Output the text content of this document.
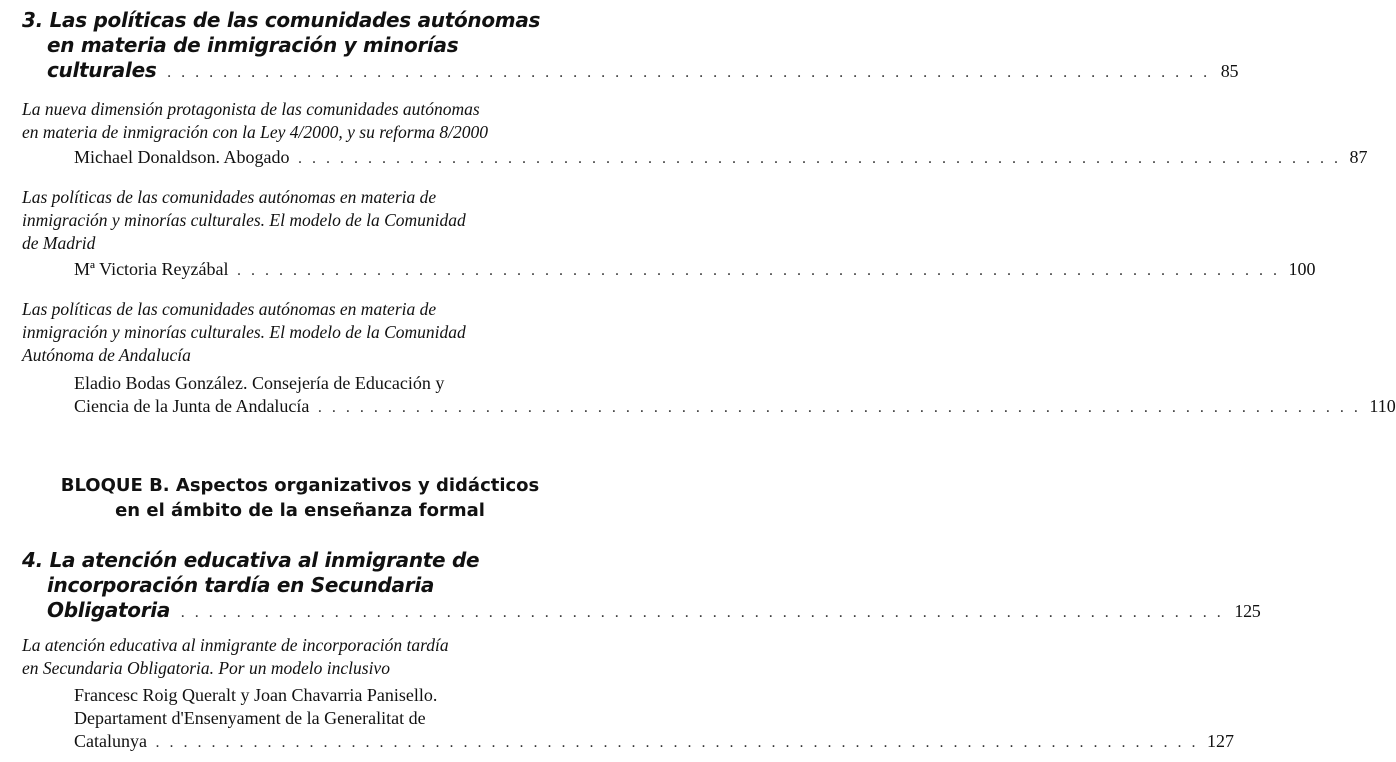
3. Las políticas de las comunidades autónomas
en materia de inmigración y minorías
culturales . . .	85
La nueva dimensión protagonista de las comunidades autónomas
en materia de inmigración con la Ley 4/2000, y su reforma 8/2000
Michael Donaldson. Abogado . . .	87
Las políticas de las comunidades autónomas en materia de
inmigración y minorías culturales. El modelo de la Comunidad
de Madrid
Mª Victoria Reyzábal . . .	100
Las políticas de las comunidades autónomas en materia de
inmigración y minorías culturales. El modelo de la Comunidad
Autónoma de Andalucía
Eladio Bodas González. Consejería de Educación y
Ciencia de la Junta de Andalucía . . .	110
BLOQUE B. Aspectos organizativos y didácticos
en el ámbito de la enseñanza formal
4. La atención educativa al inmigrante de
incorporación tardía en Secundaria
Obligatoria . . .	125
La atención educativa al inmigrante de incorporación tardía
en Secundaria Obligatoria. Por un modelo inclusivo
Francesc Roig Queralt y Joan Chavarria Panisello.
Departament d'Ensenyament de la Generalitat de
Catalunya . . .	127
